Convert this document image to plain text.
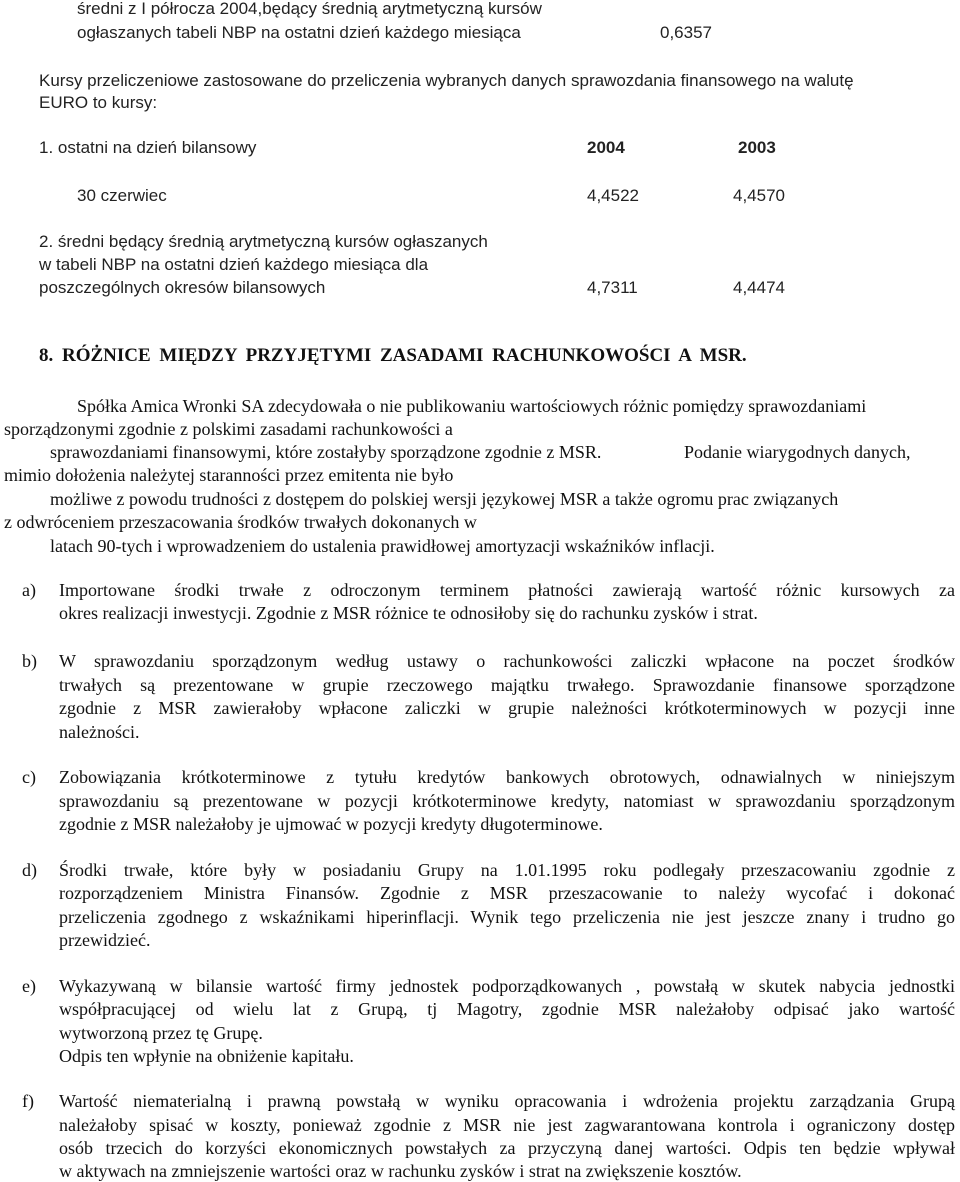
średni z I półrocza 2004,będący średnią arytmetyczną kursów
ogłaszanych tabeli NBP na ostatni dzień każdego miesiąca	0,6357
Kursy przeliczeniowe zastosowane do przeliczenia wybranych danych sprawozdania finansowego na walutę
EURO to kursy:
1. ostatni na dzień bilansowy	2004	2003
30 czerwiec	4,4522	4,4570
2. średni będący średnią arytmetyczną kursów ogłaszanych
w tabeli NBP na ostatni dzień każdego miesiąca dla
poszczególnych okresów bilansowych	4,7311	4,4474
8. RÓŻNICE MIĘDZY PRZYJĘTYMI ZASADAMI RACHUNKOWOŚCI A MSR.
Spółka Amica Wronki SA zdecydowała o nie publikowaniu wartościowych różnic pomiędzy sprawozdaniami
sporządzonymi zgodnie z polskimi zasadami rachunkowości a
sprawozdaniami finansowymi, które zostałyby sporządzone zgodnie z MSR.	Podanie wiarygodnych danych,
mimio dołożenia należytej staranności przez emitenta nie było
możliwe z powodu trudności z dostępem do polskiej wersji językowej MSR a także ogromu prac związanych
z odwróceniem przeszacowania środków trwałych dokonanych w
latach 90-tych i wprowadzeniem do ustalenia prawidłowej amortyzacji wskaźników inflacji.
a) Importowane środki trwałe z odroczonym terminem płatności zawierają wartość różnic kursowych za
okres realizacji inwestycji. Zgodnie z MSR różnice te odnosiłoby się do rachunku zysków i strat.
b) W sprawozdaniu sporządzonym według ustawy o rachunkowości zaliczki wpłacone na poczet środków
trwałych są prezentowane w grupie rzeczowego majątku trwałego. Sprawozdanie finansowe sporządzone
zgodnie z MSR zawierałoby wpłacone zaliczki w grupie należności krótkoterminowych w pozycji inne
należności.
c) Zobowiązania krótkoterminowe z tytułu kredytów bankowych obrotowych, odnawialnych w niniejszym
sprawozdaniu są prezentowane w pozycji krótkoterminowe kredyty, natomiast w sprawozdaniu sporządzonym
zgodnie z MSR należałoby je ujmować w pozycji kredyty długoterminowe.
d) Środki trwałe, które były w posiadaniu Grupy na 1.01.1995 roku podlegały przeszacowaniu zgodnie z
rozporządzeniem Ministra Finansów. Zgodnie z MSR przeszacowanie to należy wycofać i dokonać
przeliczenia zgodnego z wskaźnikami hiperinflacji. Wynik tego przeliczenia nie jest jeszcze znany i trudno go
przewidzieć.
e) Wykazywaną w bilansie wartość firmy jednostek podporządkowanych , powstałą w skutek nabycia jednostki
współpracującej od wielu lat z Grupą, tj Magotry, zgodnie MSR należałoby odpisać jako wartość
wytworzoną przez tę Grupę.
Odpis ten wpłynie na obniżenie kapitału.
f) Wartość niematerialną i prawną powstałą w wyniku opracowania i wdrożenia projektu zarządzania Grupą
należałoby spisać w koszty, ponieważ zgodnie z MSR nie jest zagwarantowana kontrola i ograniczony dostęp
osób trzecich do korzyści ekonomicznych powstałych za przyczyną danej wartości. Odpis ten będzie wpływał
w aktywach na zmniejszenie wartości oraz w rachunku zysków i strat na zwiększenie kosztów.
